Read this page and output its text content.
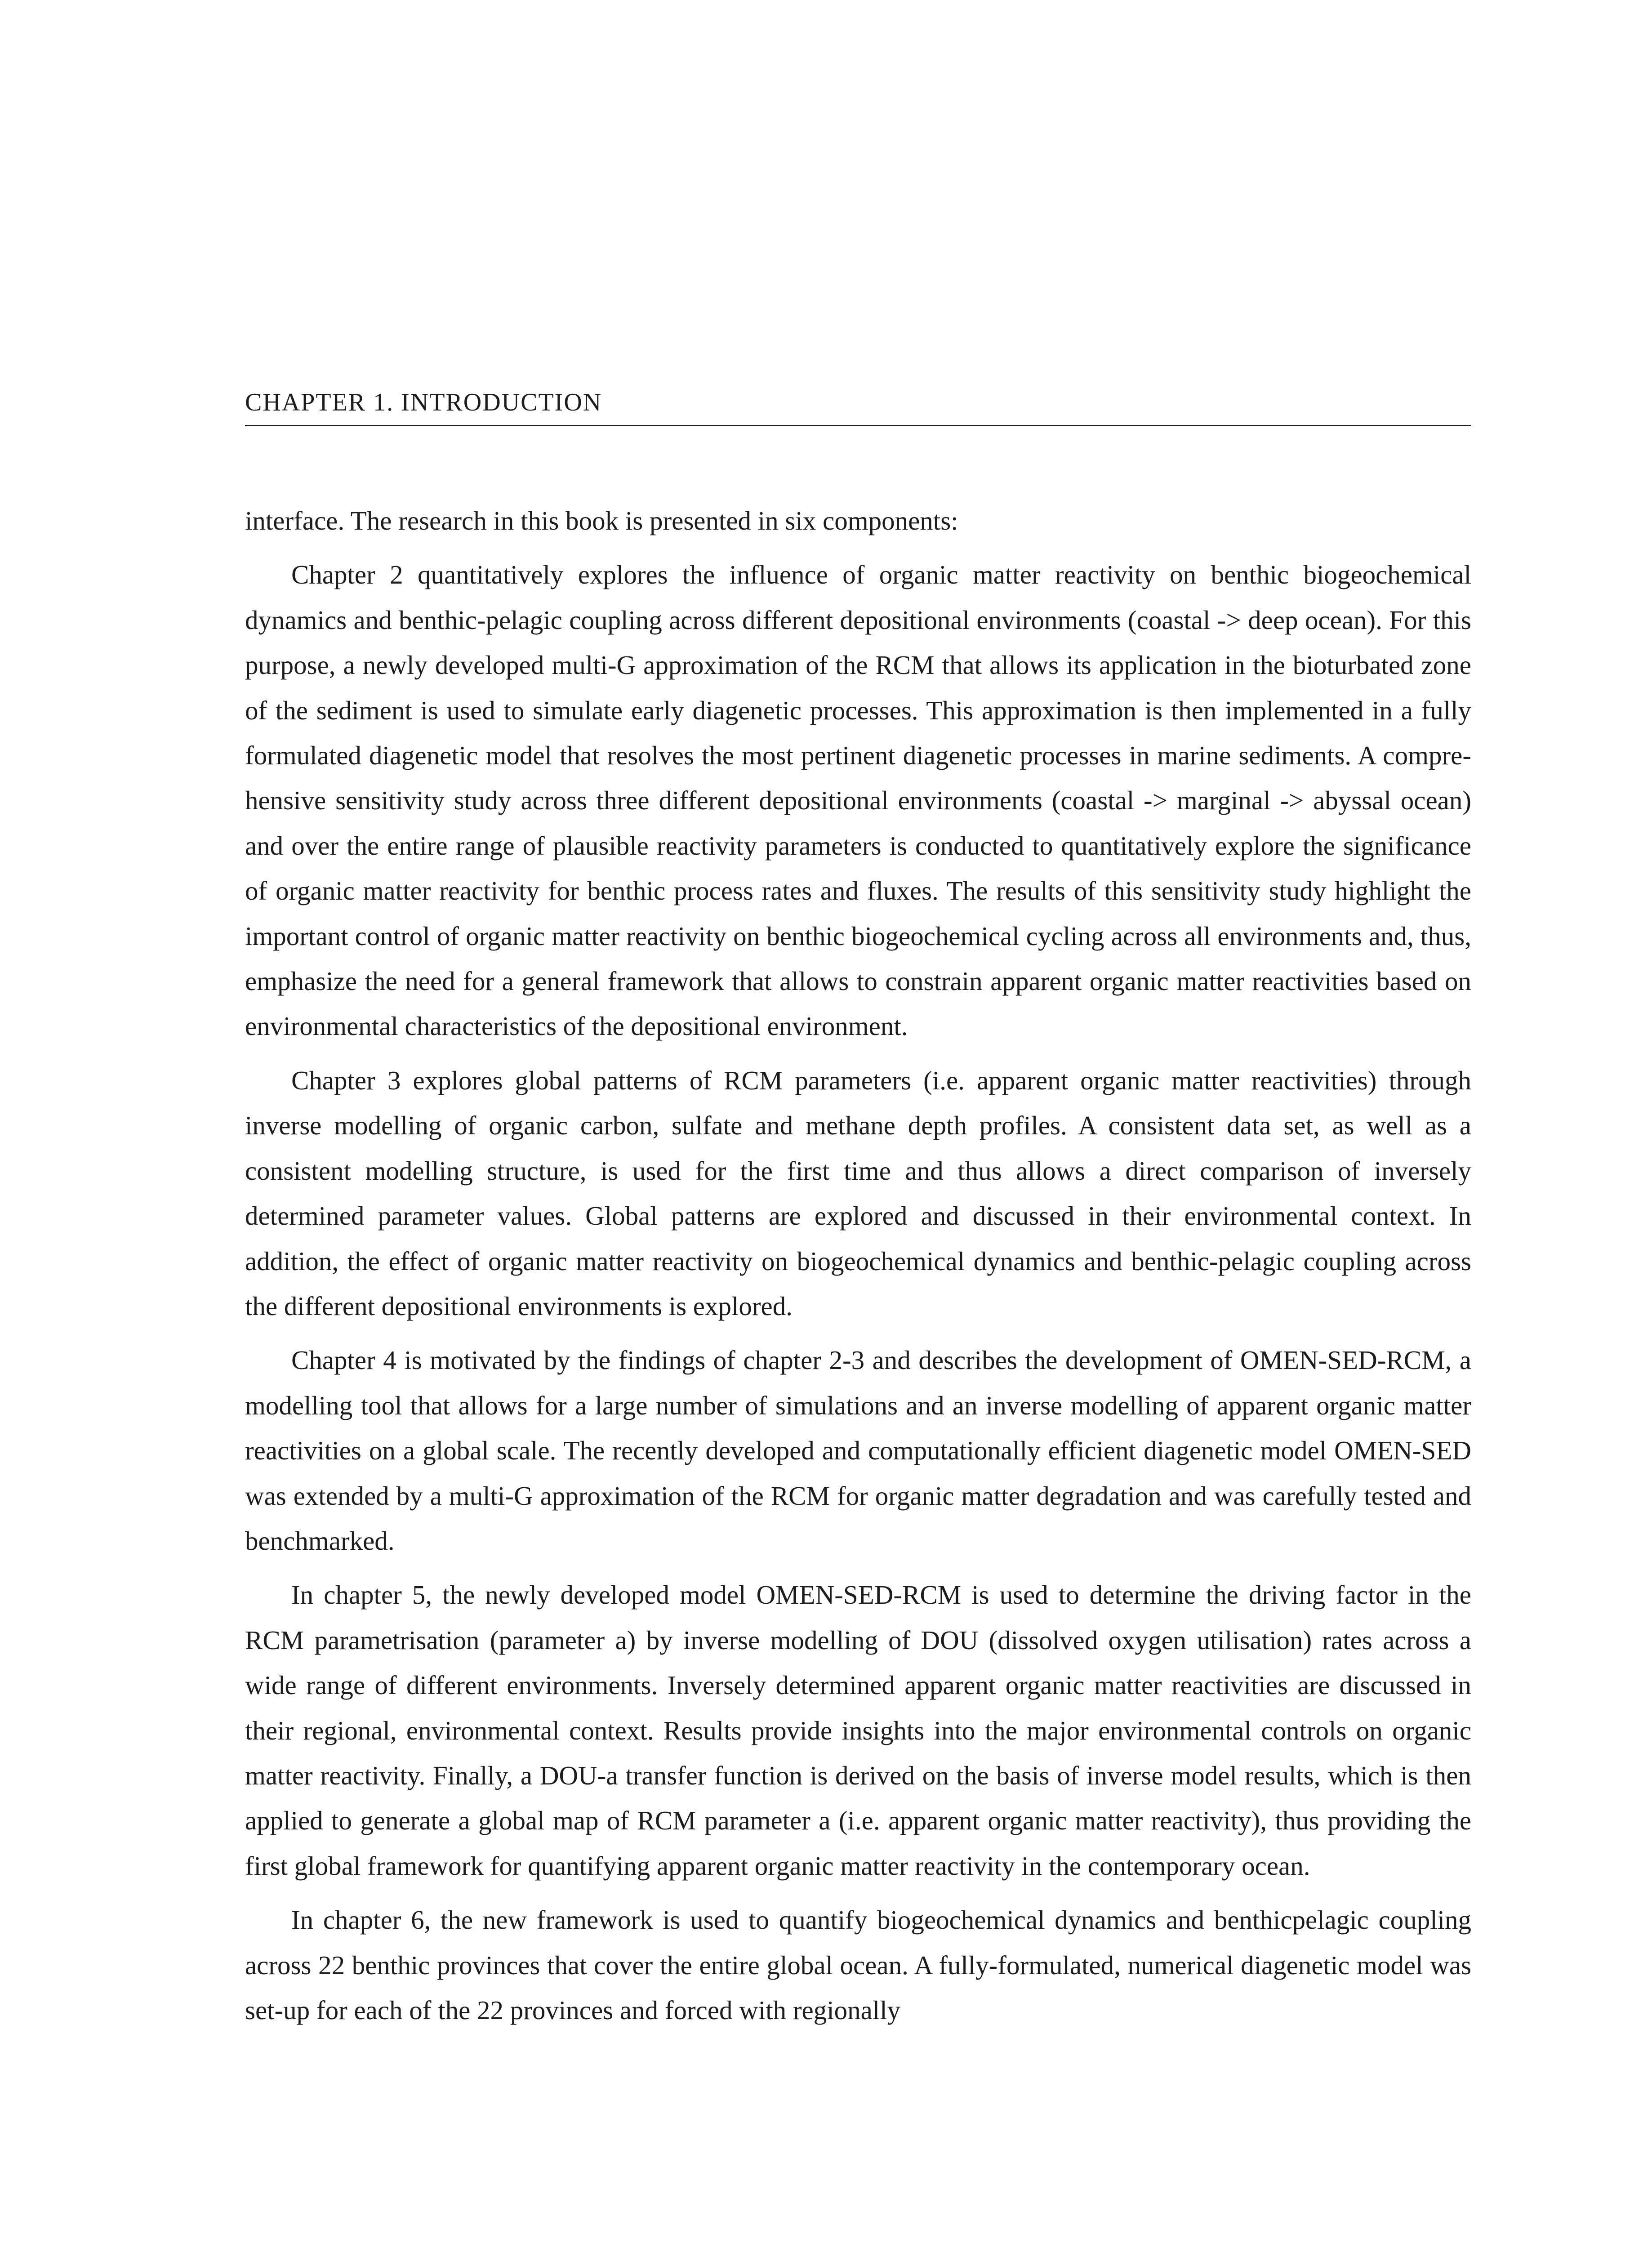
CHAPTER 1. INTRODUCTION

interface. The research in this book is presented in six components:

Chapter 2 quantitatively explores the influence of organic matter reactivity on benthic biogeochemical dynamics and benthic-pelagic coupling across different depositional environments (coastal -> deep ocean). For this purpose, a newly developed multi-G approximation of the RCM that allows its application in the bioturbated zone of the sediment is used to simulate early diagenetic processes. This approximation is then implemented in a fully formulated diagenetic model that resolves the most pertinent diagenetic processes in marine sediments. A comprehensive sensitivity study across three different depositional environments (coastal -> marginal -> abyssal ocean) and over the entire range of plausible reactivity parameters is conducted to quantitatively explore the significance of organic matter reactivity for benthic process rates and fluxes. The results of this sensitivity study highlight the important control of organic matter reactivity on benthic biogeochemical cycling across all environments and, thus, emphasize the need for a general framework that allows to constrain apparent organic matter reactivities based on environmental characteristics of the depositional environment.

Chapter 3 explores global patterns of RCM parameters (i.e. apparent organic matter reactivities) through inverse modelling of organic carbon, sulfate and methane depth profiles. A consistent data set, as well as a consistent modelling structure, is used for the first time and thus allows a direct comparison of inversely determined parameter values. Global patterns are explored and discussed in their environmental context. In addition, the effect of organic matter reactivity on biogeochemical dynamics and benthic-pelagic coupling across the different depositional environments is explored.

Chapter 4 is motivated by the findings of chapter 2-3 and describes the development of OMEN-SED-RCM, a modelling tool that allows for a large number of simulations and an inverse modelling of apparent organic matter reactivities on a global scale. The recently developed and computationally efficient diagenetic model OMEN-SED was extended by a multi-G approximation of the RCM for organic matter degradation and was carefully tested and benchmarked.

In chapter 5, the newly developed model OMEN-SED-RCM is used to determine the driving factor in the RCM parametrisation (parameter a) by inverse modelling of DOU (dissolved oxygen utilisation) rates across a wide range of different environments. Inversely determined apparent organic matter reactivities are discussed in their regional, environmental context. Results provide insights into the major environmental controls on organic matter reactivity. Finally, a DOU-a transfer function is derived on the basis of inverse model results, which is then applied to generate a global map of RCM parameter a (i.e. apparent organic matter reactivity), thus providing the first global framework for quantifying apparent organic matter reactivity in the contemporary ocean.

In chapter 6, the new framework is used to quantify biogeochemical dynamics and benthicpelagic coupling across 22 benthic provinces that cover the entire global ocean. A fully-formulated, numerical diagenetic model was set-up for each of the 22 provinces and forced with regionally
